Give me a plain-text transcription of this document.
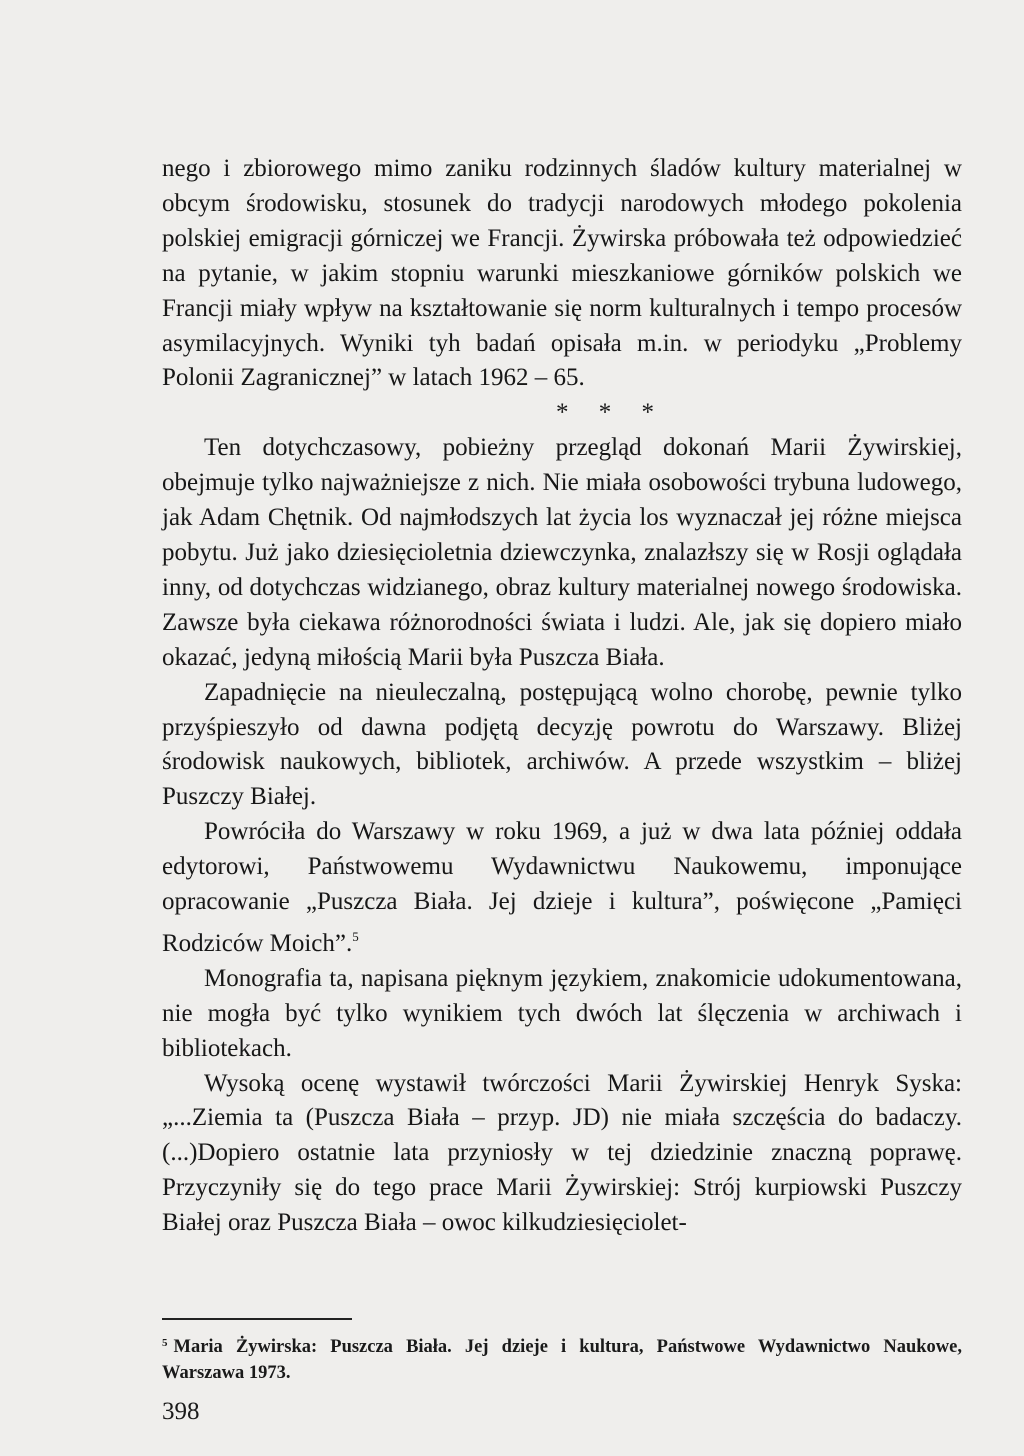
nego i zbiorowego mimo zaniku rodzinnych śladów kultury materialnej w obcym środowisku, stosunek do tradycji narodowych młodego pokolenia polskiej emigracji górniczej we Francji. Żywirska próbowała też odpowiedzieć na pytanie, w jakim stopniu warunki mieszkaniowe górników polskich we Francji miały wpływ na kształtowanie się norm kulturalnych i tempo procesów asymilacyjnych. Wyniki tyh badań opisała m.in. w periodyku „Problemy Polonii Zagranicznej” w latach 1962 – 65.

* * *

Ten dotychczasowy, pobieżny przegląd dokonań Marii Żywirskiej, obejmuje tylko najważniejsze z nich. Nie miała osobowości trybuna ludowego, jak Adam Chętnik. Od najmłodszych lat życia los wyznaczał jej różne miejsca pobytu. Już jako dziesięcioletnia dziewczynka, znalazłszy się w Rosji oglądała inny, od dotychczas widzianego, obraz kultury materialnej nowego środowiska. Zawsze była ciekawa różnorodności świata i ludzi. Ale, jak się dopiero miało okazać, jedyną miłością Marii była Puszcza Biała.

Zapadnięcie na nieuleczalną, postępującą wolno chorobę, pewnie tylko przyśpieszyło od dawna podjętą decyzję powrotu do Warszawy. Bliżej środowisk naukowych, bibliotek, archiwów. A przede wszystkim – bliżej Puszczy Białej.

Powróciła do Warszawy w roku 1969, a już w dwa lata później oddała edytorowi, Państwowemu Wydawnictwu Naukowemu, imponujące opracowanie „Puszcza Biała. Jej dzieje i kultura”, poświęcone „Pamięci Rodziców Moich”.$^5$

Monografia ta, napisana pięknym językiem, znakomicie udokumentowana, nie mogła być tylko wynikiem tych dwóch lat ślęczenia w archiwach i bibliotekach.

Wysoką ocenę wystawił twórczości Marii Żywirskiej Henryk Syska: „...Ziemia ta (Puszcza Biała – przyp. JD) nie miała szczęścia do badaczy. (...)Dopiero ostatnie lata przyniosły w tej dziedzinie znaczną poprawę. Przyczyniły się do tego prace Marii Żywirskiej: Strój kurpiowski Puszczy Białej oraz Puszcza Biała – owoc kilkudziesięciolet-

$^5$ Maria Żywirska: Puszcza Biała. Jej dzieje i kultura, Państwowe Wydawnictwo Naukowe, Warszawa 1973.
398
